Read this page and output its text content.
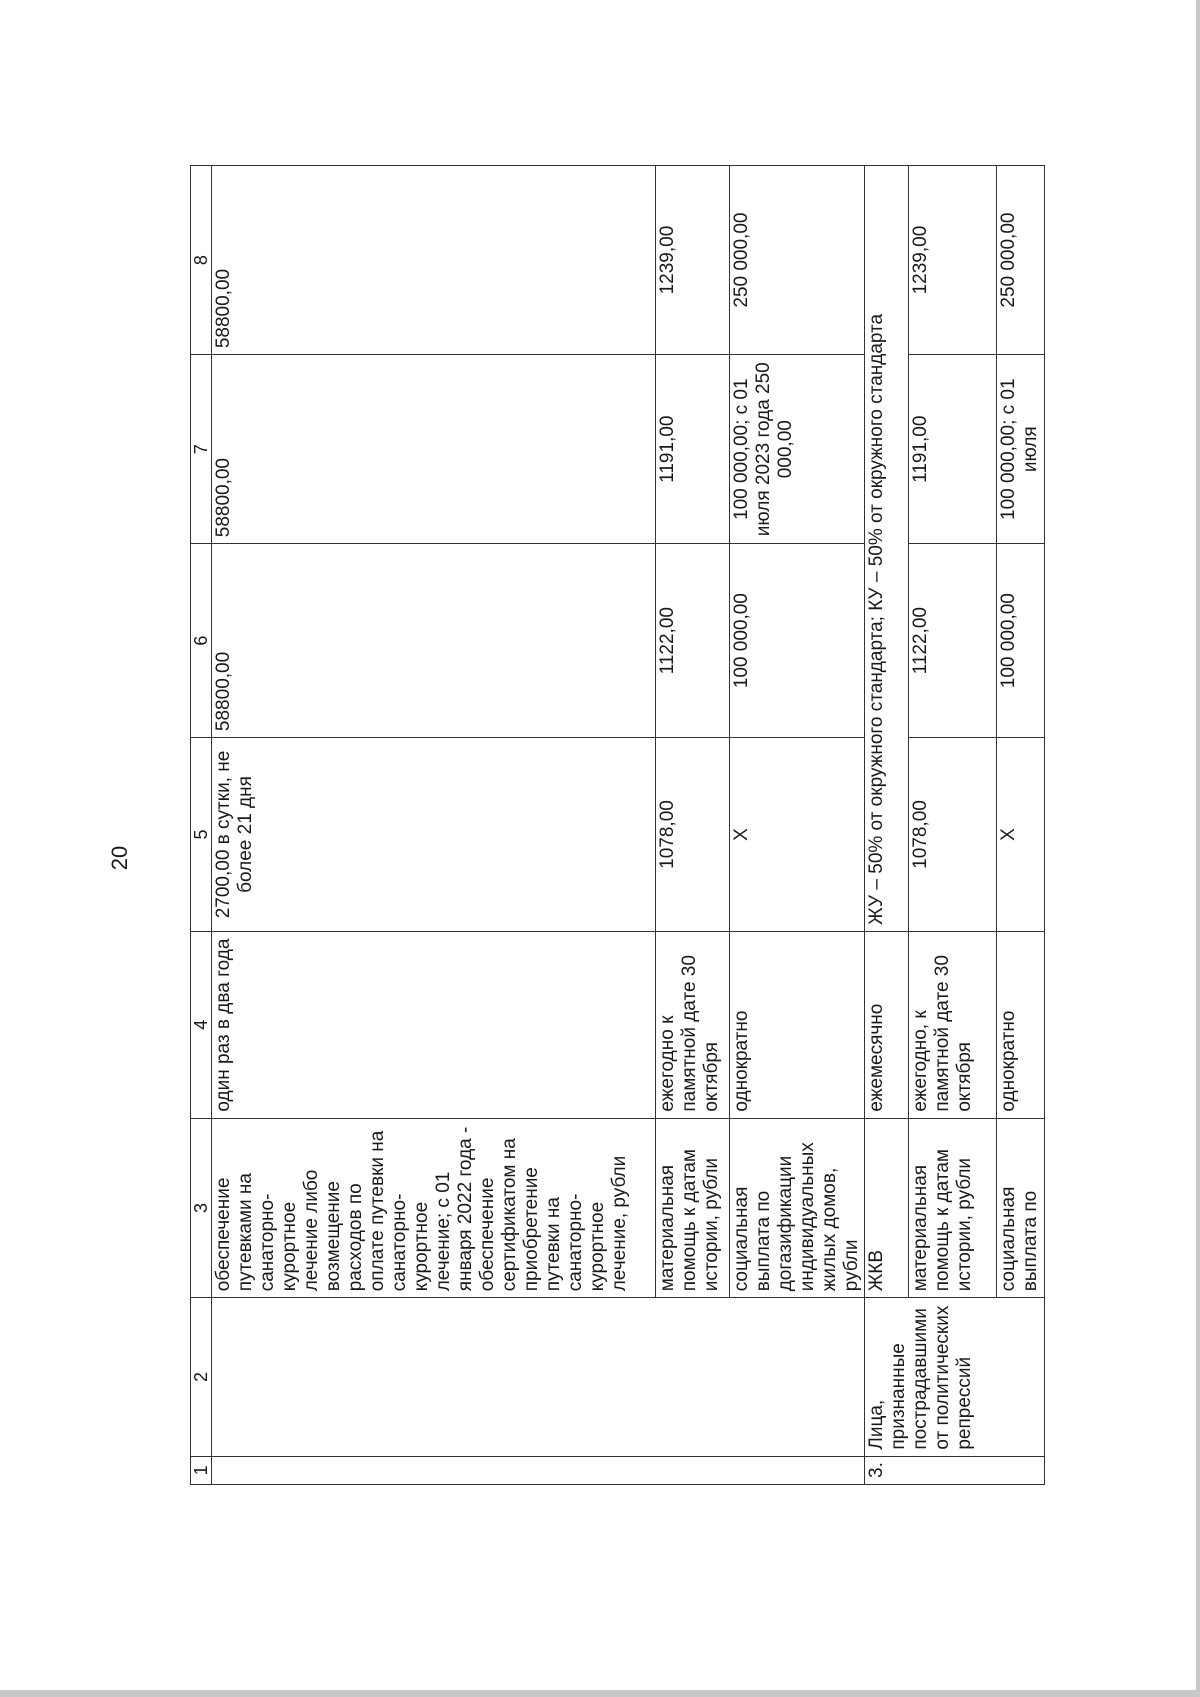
20
1	2	3	4	5	6	7	8
		обеспечение путевками на санаторно-курортное лечение либо возмещение расходов по оплате путевки на санаторно-курортное лечение; с 01 января 2022 года - обеспечение сертификатом на приобретение путевки на санаторно-курортное лечение, рубли	один раз в два года	2700,00 в сутки, не более 21 дня	58800,00	58800,00	58800,00
		материальная помощь к датам истории, рубли	ежегодно к памятной дате 30 октября	1078,00	1122,00	1191,00	1239,00
		социальная выплата по догазификации индивидуальных жилых домов, рубли	однократно	Х	100 000,00	100 000,00; с 01 июля 2023 года 250 000,00	250 000,00
3.	Лица, признанные пострадавшими от политических репрессий	ЖКВ	ежемесячно	ЖУ – 50% от окружного стандарта; КУ – 50% от окружного стандарта			
		материальная помощь к датам истории, рубли	ежегодно, к памятной дате 30 октября	1078,00	1122,00	1191,00	1239,00
		социальная выплата по	однократно	Х	100 000,00	100 000,00; с 01 июля	250 000,00
